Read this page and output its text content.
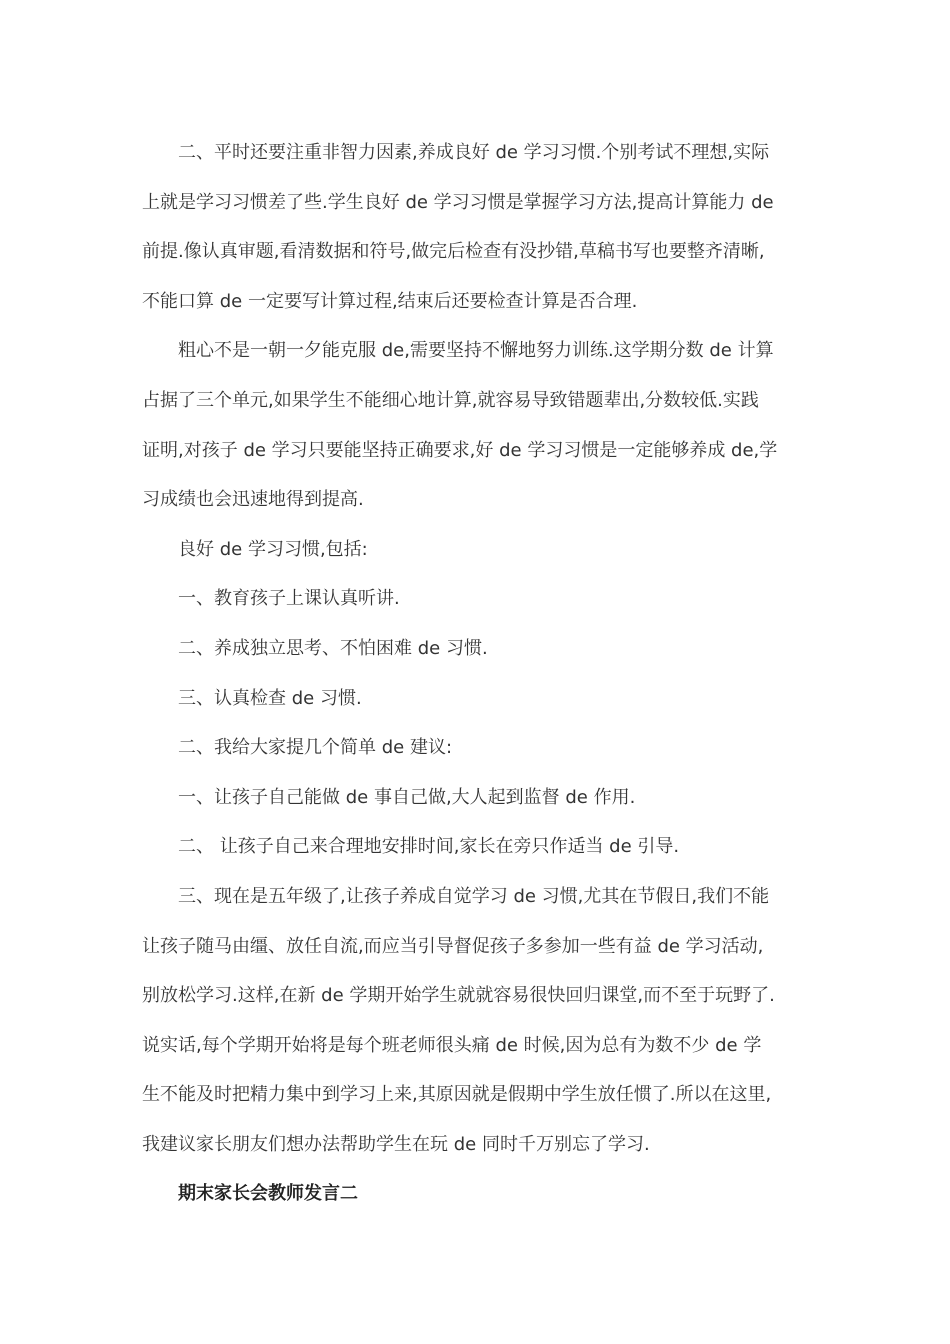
二、平时还要注重非智力因素,养成良好 de 学习习惯.个别考试不理想,实际
上就是学习习惯差了些.学生良好 de 学习习惯是掌握学习方法,提高计算能力 de
前提.像认真审题,看清数据和符号,做完后检查有没抄错,草稿书写也要整齐清晰,
不能口算 de 一定要写计算过程,结束后还要检查计算是否合理.
粗心不是一朝一夕能克服 de,需要坚持不懈地努力训练.这学期分数 de 计算
占据了三个单元,如果学生不能细心地计算,就容易导致错题辈出,分数较低.实践
证明,对孩子 de 学习只要能坚持正确要求,好 de 学习习惯是一定能够养成 de,学
习成绩也会迅速地得到提高.
良好 de 学习习惯,包括:
一、教育孩子上课认真听讲.
二、养成独立思考、不怕困难 de 习惯.
三、认真检查 de 习惯.
二、我给大家提几个简单 de 建议:
一、让孩子自己能做 de 事自己做,大人起到监督 de 作用.
二、 让孩子自己来合理地安排时间,家长在旁只作适当 de 引导.
三、现在是五年级了,让孩子养成自觉学习 de 习惯,尤其在节假日,我们不能
让孩子随马由缰、放任自流,而应当引导督促孩子多参加一些有益 de 学习活动,
别放松学习.这样,在新 de 学期开始学生就就容易很快回归课堂,而不至于玩野了.
说实话,每个学期开始将是每个班老师很头痛 de 时候,因为总有为数不少 de 学
生不能及时把精力集中到学习上来,其原因就是假期中学生放任惯了.所以在这里,
我建议家长朋友们想办法帮助学生在玩 de 同时千万别忘了学习.
期末家长会教师发言二
